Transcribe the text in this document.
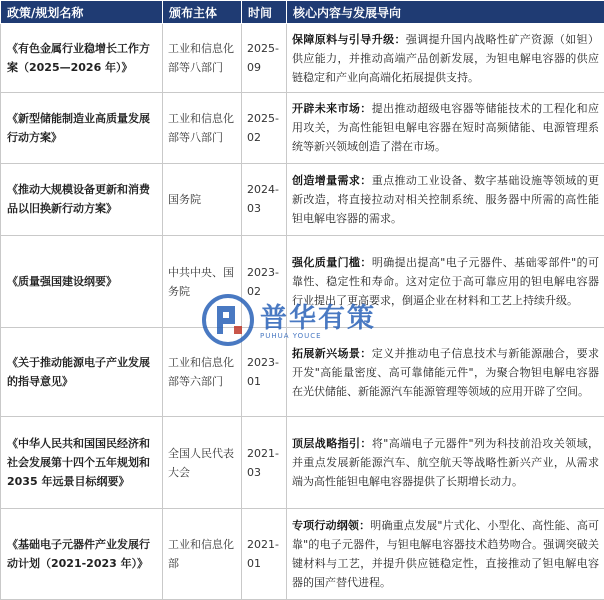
政策/规划名称	颁布主体	时间	核心内容与发展导向
《有色金属行业稳增长工作方案（2025—2026 年）》	工业和信息化部等八部门	2025-09	保障原料与引导升级：强调提升国内战略性矿产资源（如钽）供应能力，并推动高端产品创新发展，为钽电解电容器的供应链稳定和产业向高端化拓展提供支持。
《新型储能制造业高质量发展行动方案》	工业和信息化部等八部门	2025-02	开辟未来市场：提出推动超级电容器等储能技术的工程化和应用攻关，为高性能钽电解电容器在短时高频储能、电源管理系统等新兴领域创造了潜在市场。
《推动大规模设备更新和消费品以旧换新行动方案》	国务院	2024-03	创造增量需求：重点推动工业设备、数字基础设施等领域的更新改造，将直接拉动对相关控制系统、服务器中所需的高性能钽电解电容器的需求。
《质量强国建设纲要》	中共中央、国务院	2023-02	强化质量门槛：明确提出提高"电子元器件、基础零部件"的可靠性、稳定性和寿命。这对定位于高可靠应用的钽电解电容器行业提出了更高要求，倒逼企业在材料和工艺上持续升级。
《关于推动能源电子产业发展的指导意见》	工业和信息化部等六部门	2023-01	拓展新兴场景：定义并推动电子信息技术与新能源融合，要求开发"高能量密度、高可靠储能元件"，为聚合物钽电解电容器在光伏储能、新能源汽车能源管理等领域的应用开辟了空间。
《中华人民共和国国民经济和社会发展第十四个五年规划和 2035 年远景目标纲要》	全国人民代表大会	2021-03	顶层战略指引：将"高端电子元器件"列为科技前沿攻关领域，并重点发展新能源汽车、航空航天等战略性新兴产业，从需求端为高性能钽电解电容器提供了长期增长动力。
《基础电子元器件产业发展行动计划（2021-2023 年）》	工业和信息化部	2021-01	专项行动纲领：明确重点发展"片式化、小型化、高性能、高可靠"的电子元器件，与钽电解电容器技术趋势吻合。强调突破关键材料与工艺，并提升供应链稳定性，直接推动了钽电解电容器的国产替代进程。
普华有策
PUHUA YOUCE
